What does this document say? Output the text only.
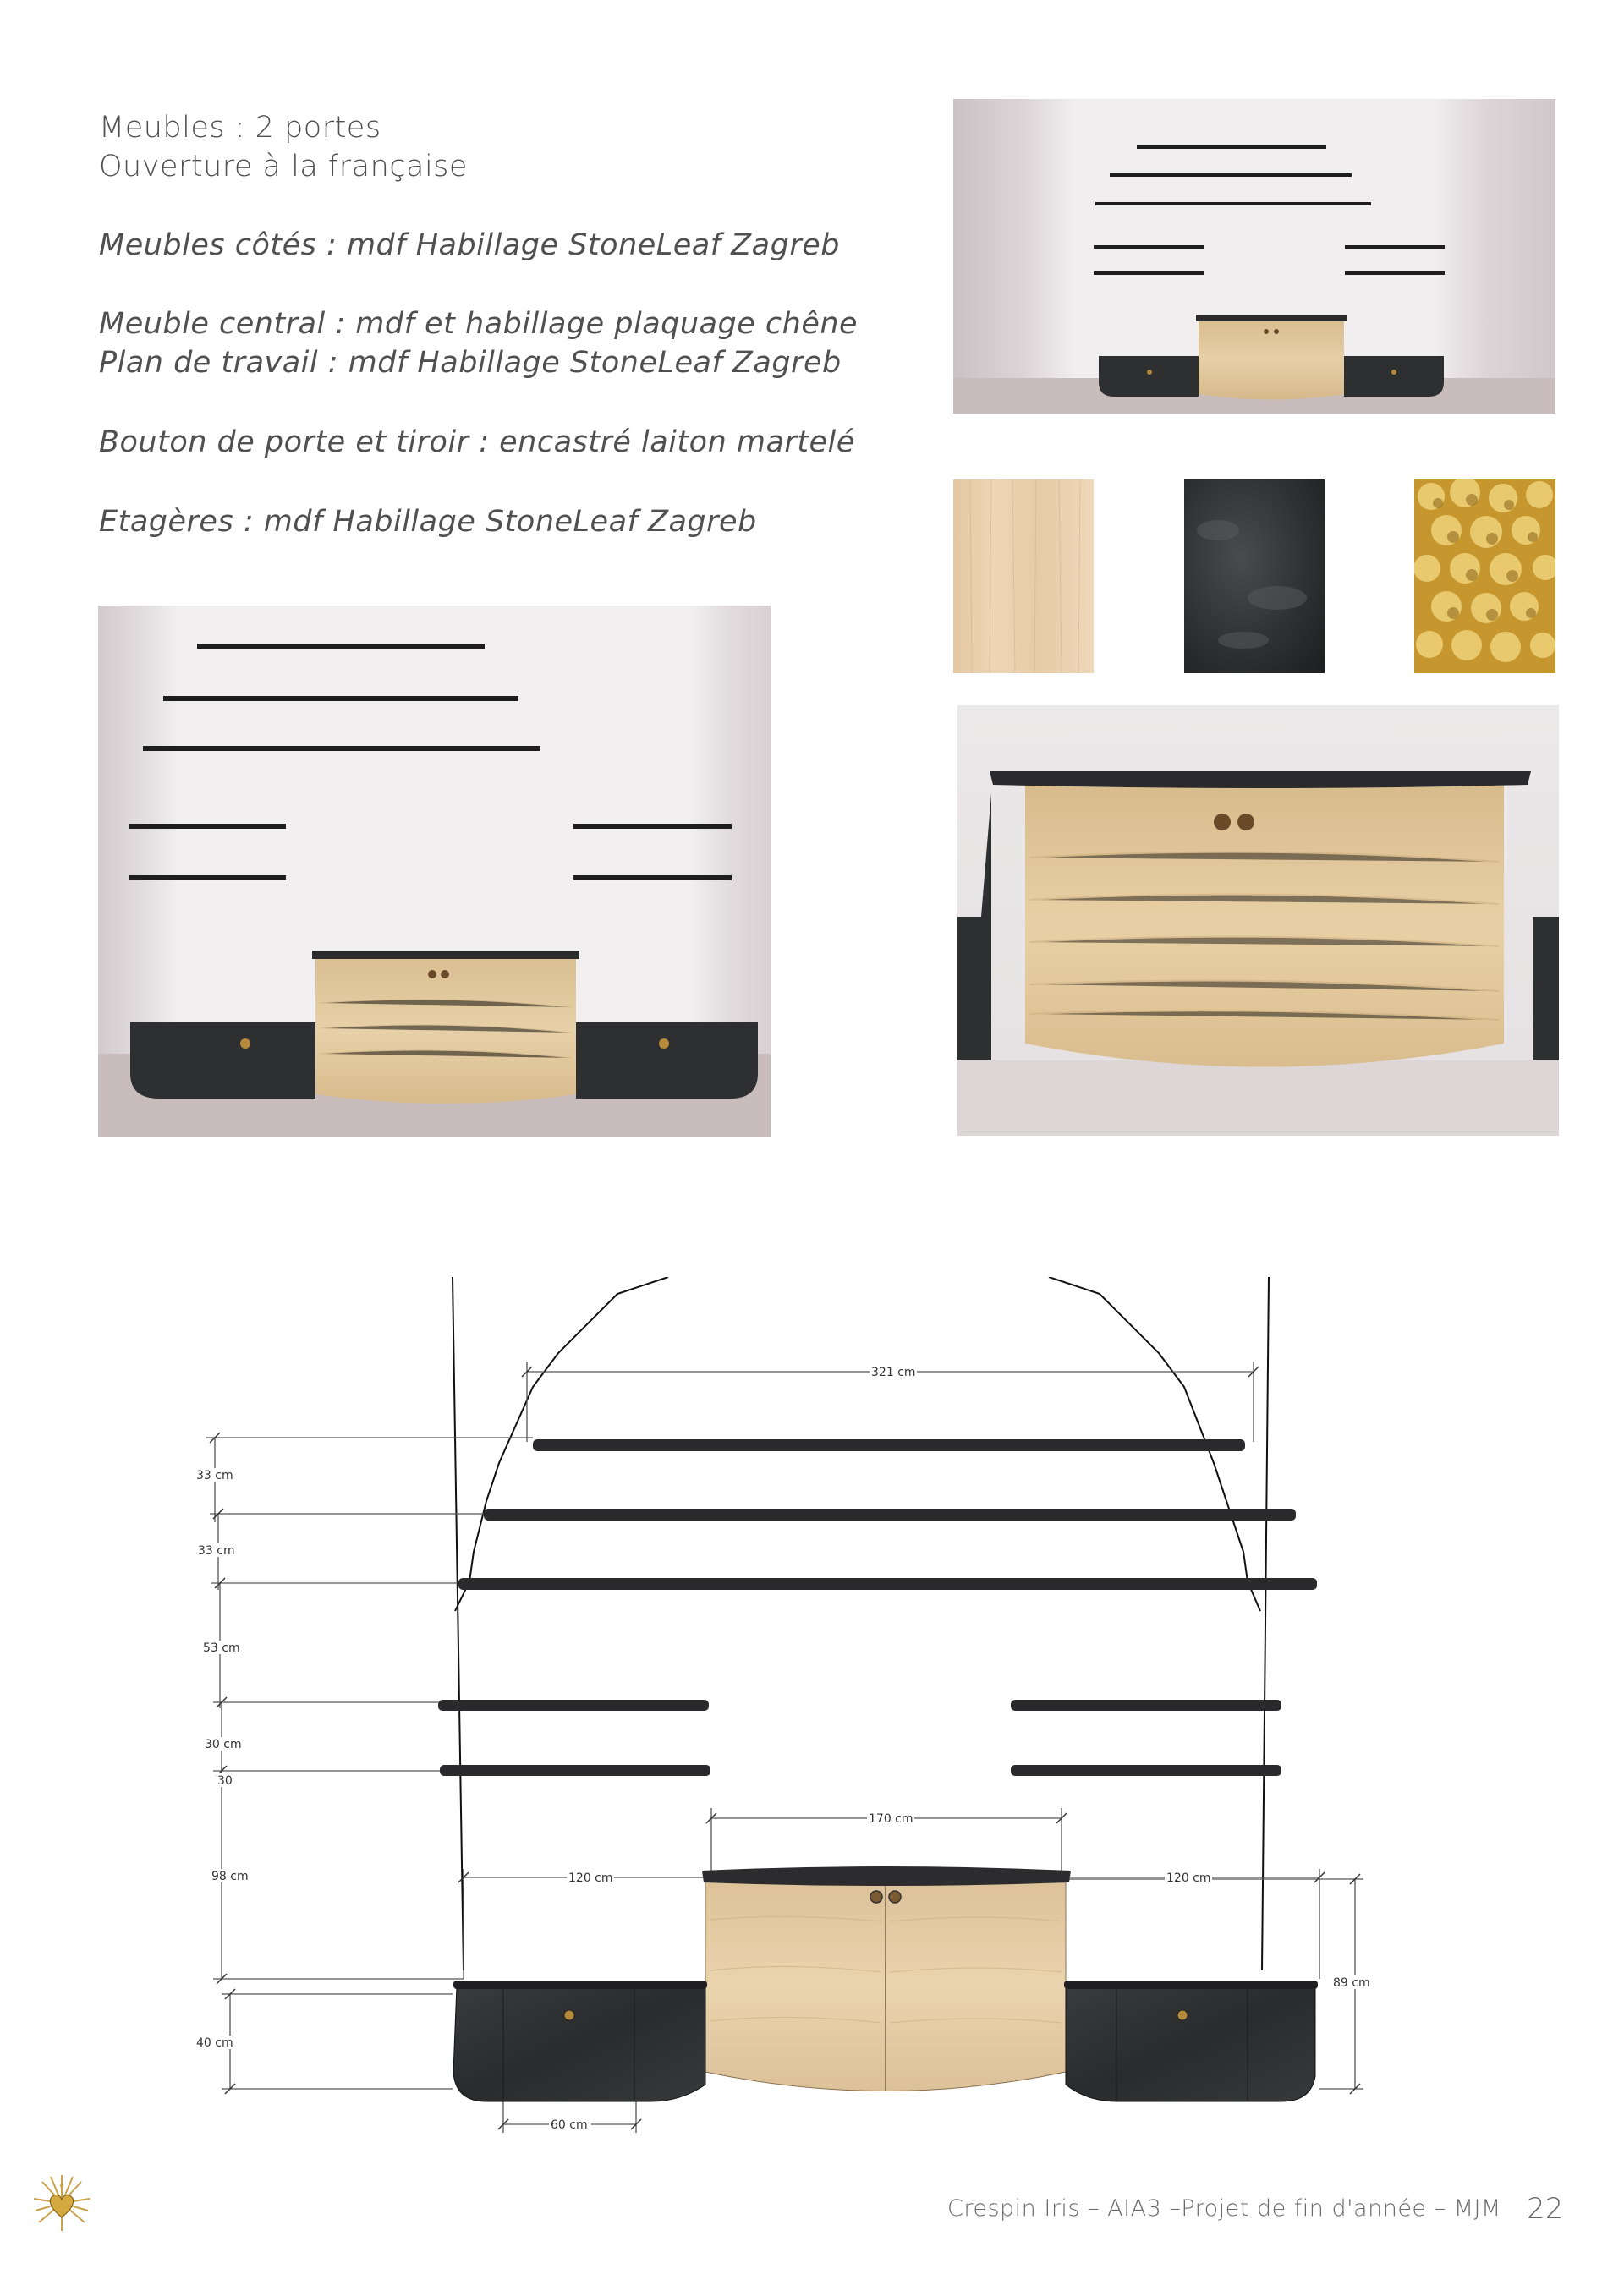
Meubles : 2 portes
Ouverture à la française
Meubles côtés : mdf Habillage StoneLeaf Zagreb
Meuble central : mdf et habillage plaquage chêne
Plan de travail : mdf Habillage StoneLeaf Zagreb
Bouton de porte et tiroir : encastré laiton martelé
Etagères : mdf Habillage StoneLeaf Zagreb
321 cm
33 cm
33 cm
53 cm
30 cm
30
98 cm
170 cm
120 cm	120 cm
89 cm
40 cm
60 cm
Crespin Iris – AIA3 –Projet de fin d'année – MJM 22
